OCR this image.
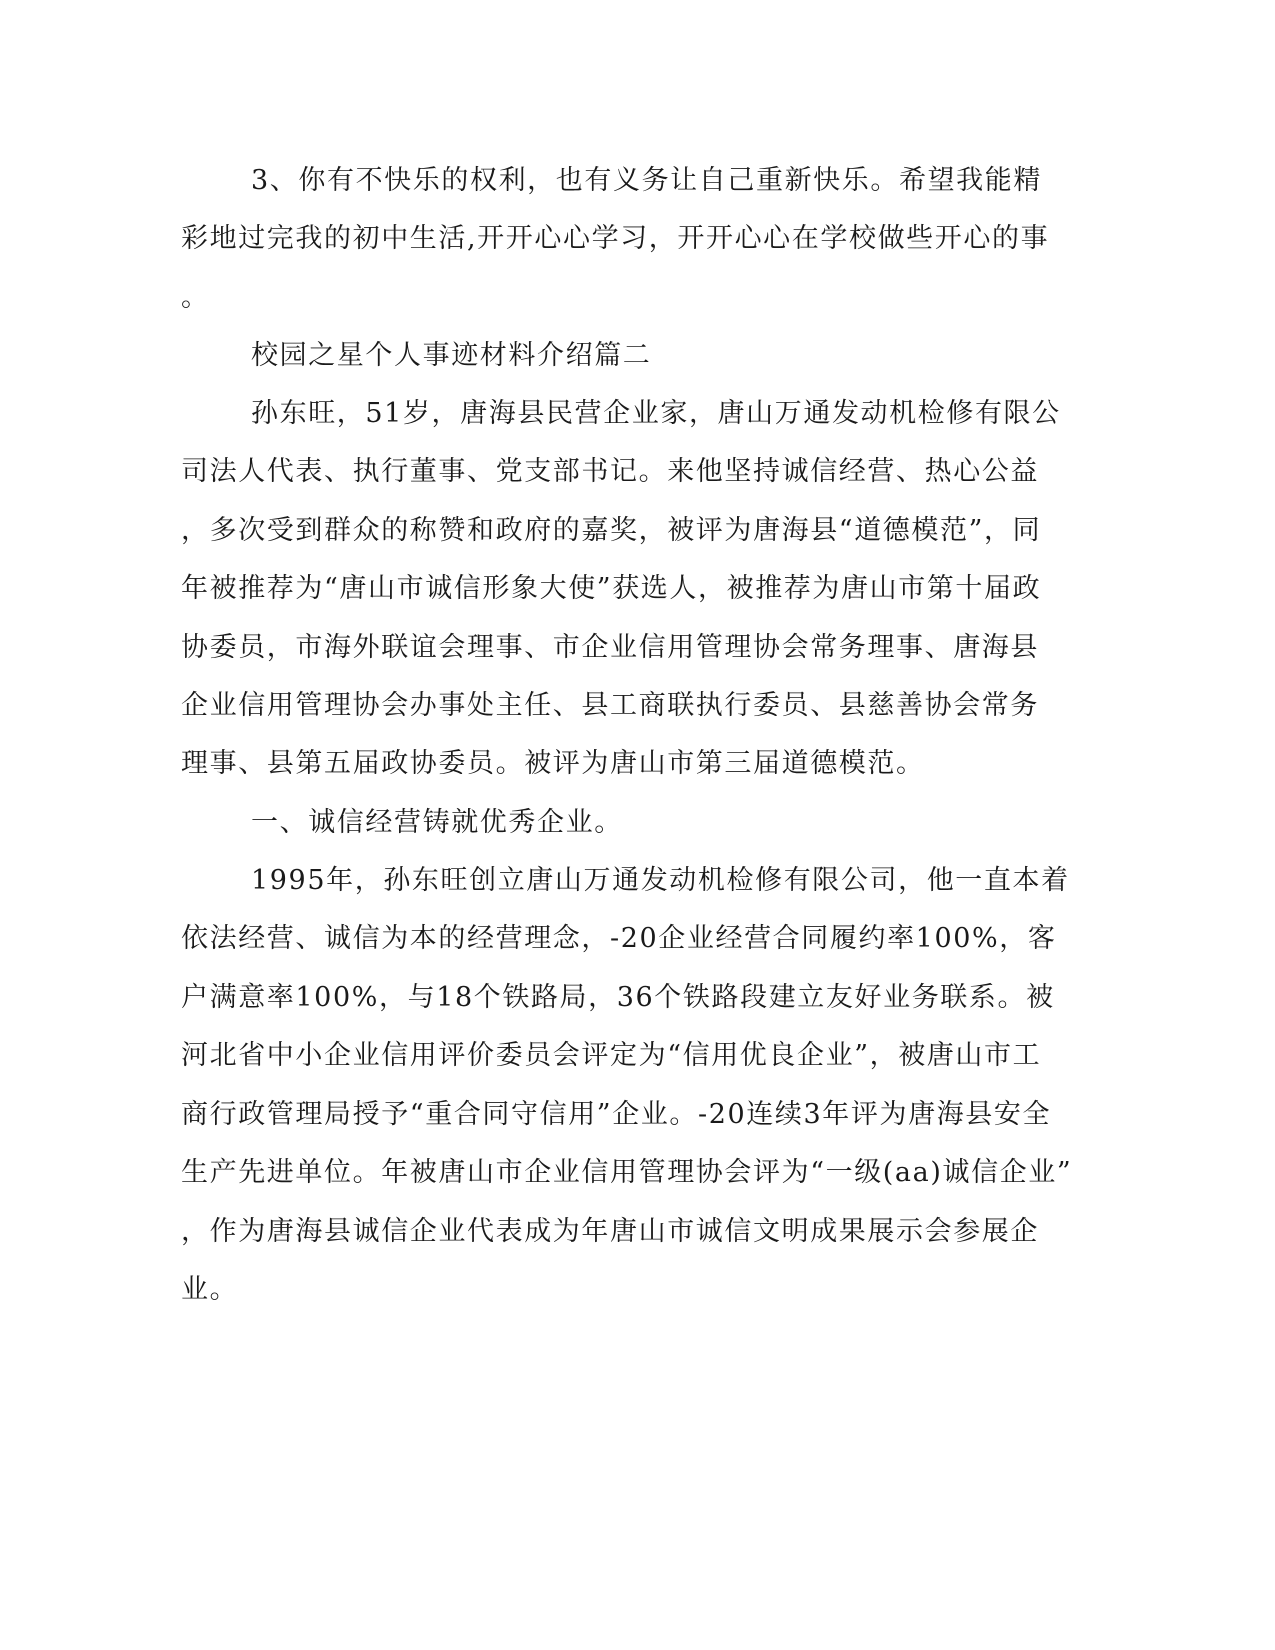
3、你有不快乐的权利，也有义务让自己重新快乐。希望我能精
彩地过完我的初中生活,开开心心学习，开开心心在学校做些开心的事
。
校园之星个人事迹材料介绍篇二
孙东旺，51岁，唐海县民营企业家，唐山万通发动机检修有限公
司法人代表、执行董事、党支部书记。来他坚持诚信经营、热心公益
，多次受到群众的称赞和政府的嘉奖，被评为唐海县“道德模范”，同
年被推荐为“唐山市诚信形象大使”获选人，被推荐为唐山市第十届政
协委员，市海外联谊会理事、市企业信用管理协会常务理事、唐海县
企业信用管理协会办事处主任、县工商联执行委员、县慈善协会常务
理事、县第五届政协委员。被评为唐山市第三届道德模范。
一、诚信经营铸就优秀企业。
1995年，孙东旺创立唐山万通发动机检修有限公司，他一直本着
依法经营、诚信为本的经营理念，-20企业经营合同履约率100%，客
户满意率100%，与18个铁路局，36个铁路段建立友好业务联系。被
河北省中小企业信用评价委员会评定为“信用优良企业”，被唐山市工
商行政管理局授予“重合同守信用”企业。-20连续3年评为唐海县安全
生产先进单位。年被唐山市企业信用管理协会评为“一级(aa)诚信企业”
，作为唐海县诚信企业代表成为年唐山市诚信文明成果展示会参展企
业。
